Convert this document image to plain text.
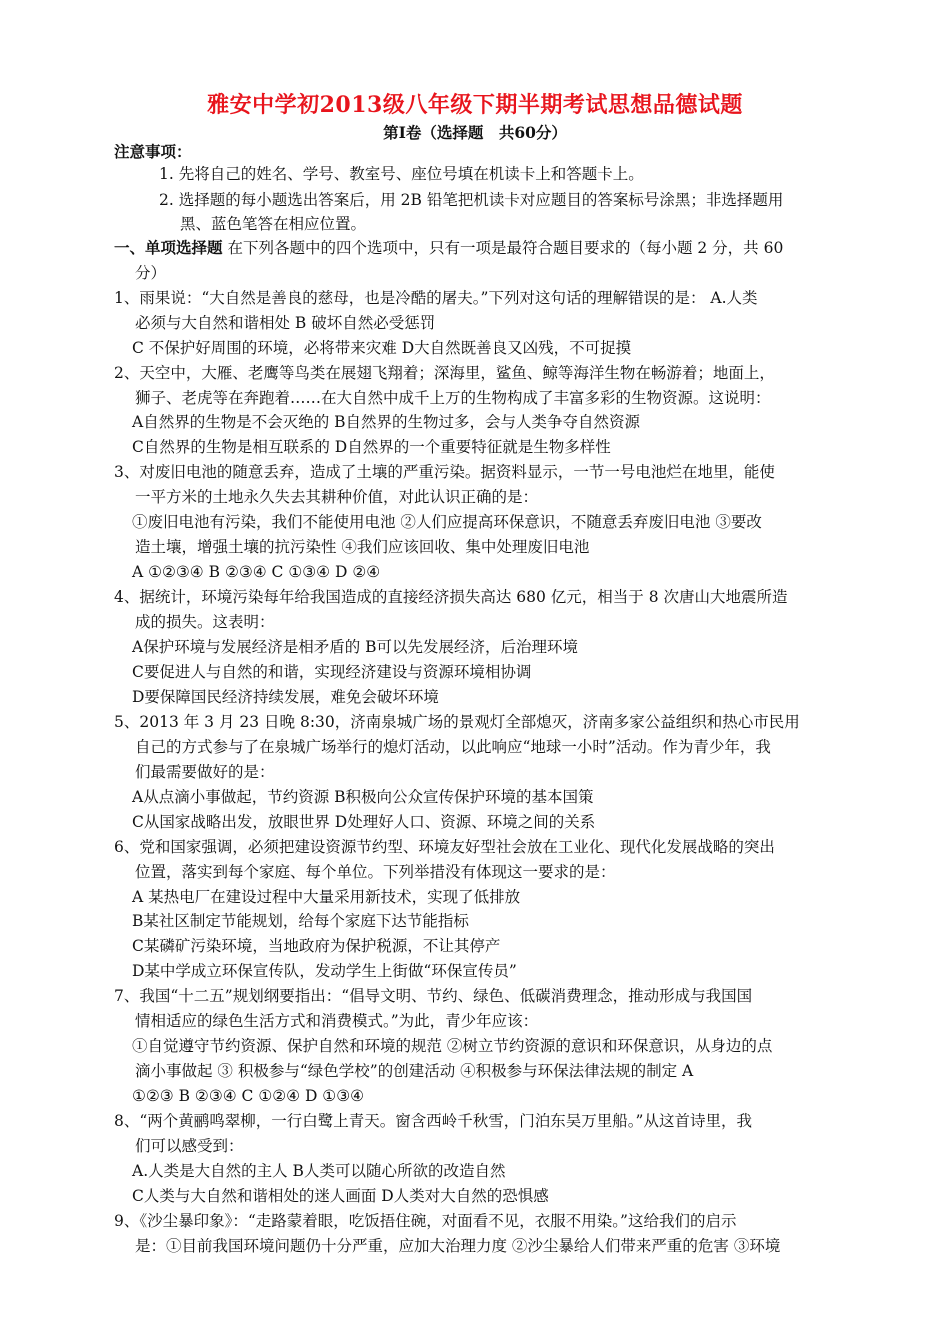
雅安中学初2013级八年级下期半期考试思想品德试题
第Ⅰ卷（选择题　共60分）
注意事项：
1. 先将自己的姓名、学号、教室号、座位号填在机读卡上和答题卡上。
2. 选择题的每小题选出答案后，用 2B 铅笔把机读卡对应题目的答案标号涂黑；非选择题用
黑、蓝色笔答在相应位置。
一、单项选择题 在下列各题中的四个选项中，只有一项是最符合题目要求的（每小题 2 分，共 60
分）
1、雨果说：“大自然是善良的慈母，也是冷酷的屠夫。”下列对这句话的理解错误的是： A.人类
必须与大自然和谐相处 B 破坏自然必受惩罚
C 不保护好周围的环境，必将带来灾难 D大自然既善良又凶残，不可捉摸
2、天空中，大雁、老鹰等鸟类在展翅飞翔着；深海里，鲨鱼、鲸等海洋生物在畅游着；地面上，
狮子、老虎等在奔跑着……在大自然中成千上万的生物构成了丰富多彩的生物资源。这说明：
A自然界的生物是不会灭绝的 B自然界的生物过多，会与人类争夺自然资源
C自然界的生物是相互联系的 D自然界的一个重要特征就是生物多样性
3、对废旧电池的随意丢弃，造成了土壤的严重污染。据资料显示，一节一号电池烂在地里，能使
一平方米的土地永久失去其耕种价值，对此认识正确的是：
①废旧电池有污染，我们不能使用电池 ②人们应提高环保意识，不随意丢弃废旧电池 ③要改
造土壤，增强土壤的抗污染性 ④我们应该回收、集中处理废旧电池
A ①②③④ B ②③④ C ①③④ D ②④
4、据统计，环境污染每年给我国造成的直接经济损失高达 680 亿元，相当于 8 次唐山大地震所造
成的损失。这表明：
A保护环境与发展经济是相矛盾的 B可以先发展经济，后治理环境
C要促进人与自然的和谐，实现经济建设与资源环境相协调
D要保障国民经济持续发展，难免会破坏环境
5、2013 年 3 月 23 日晚 8:30，济南泉城广场的景观灯全部熄灭，济南多家公益组织和热心市民用
自己的方式参与了在泉城广场举行的熄灯活动，以此响应“地球一小时”活动。作为青少年，我
们最需要做好的是：
A从点滴小事做起，节约资源 B积极向公众宣传保护环境的基本国策
C从国家战略出发，放眼世界 D处理好人口、资源、环境之间的关系
6、党和国家强调，必须把建设资源节约型、环境友好型社会放在工业化、现代化发展战略的突出
位置，落实到每个家庭、每个单位。下列举措没有体现这一要求的是：
A 某热电厂在建设过程中大量采用新技术，实现了低排放
B某社区制定节能规划，给每个家庭下达节能指标
C某磷矿污染环境，当地政府为保护税源，不让其停产
D某中学成立环保宣传队，发动学生上街做“环保宣传员”
7、我国“十二五”规划纲要指出：“倡导文明、节约、绿色、低碳消费理念，推动形成与我国国
情相适应的绿色生活方式和消费模式。”为此，青少年应该：
①自觉遵守节约资源、保护自然和环境的规范 ②树立节约资源的意识和环保意识，从身边的点
滴小事做起 ③ 积极参与“绿色学校”的创建活动 ④积极参与环保法律法规的制定 A
①②③ B ②③④ C ①②④ D ①③④
8、“两个黄鹂鸣翠柳，一行白鹭上青天。窗含西岭千秋雪，门泊东吴万里船。”从这首诗里，我
们可以感受到：
A.人类是大自然的主人 B人类可以随心所欲的改造自然
C人类与大自然和谐相处的迷人画面 D人类对大自然的恐惧感
9、《沙尘暴印象》：“走路蒙着眼，吃饭捂住碗，对面看不见，衣服不用染。”这给我们的启示
是：①目前我国环境问题仍十分严重，应加大治理力度 ②沙尘暴给人们带来严重的危害 ③环境
